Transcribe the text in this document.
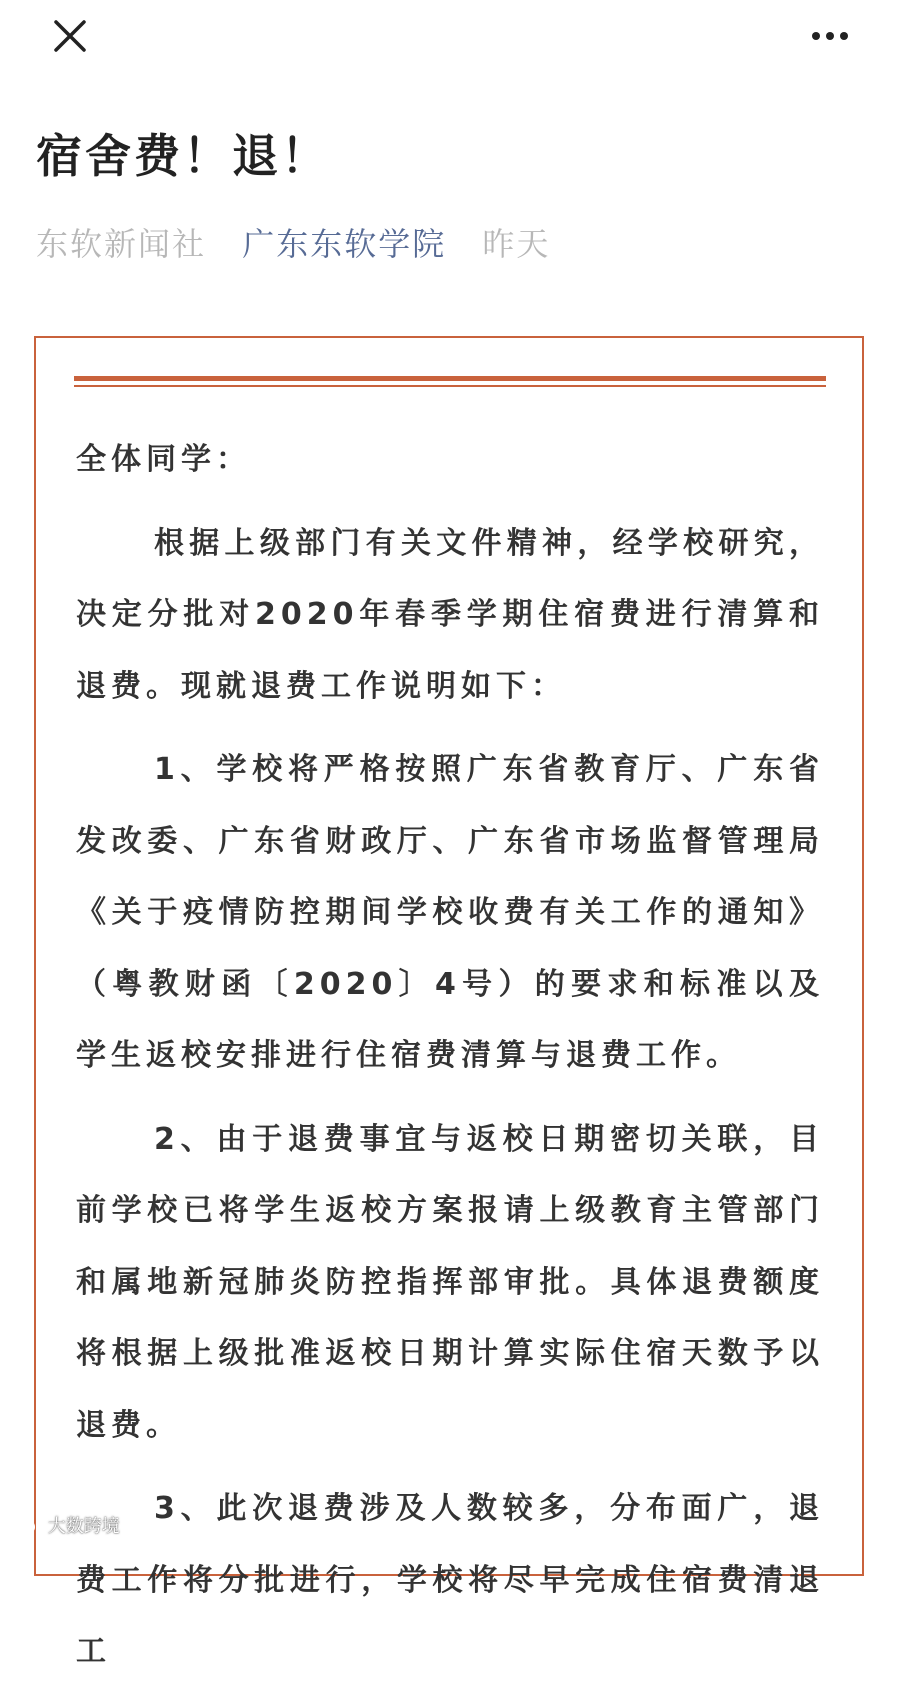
宿舍费！退！
东软新闻社 广东东软学院 昨天

全体同学：

根据上级部门有关文件精神，经学校研究，决定分批对2020年春季学期住宿费进行清算和退费。现就退费工作说明如下：

1、学校将严格按照广东省教育厅、广东省发改委、广东省财政厅、广东省市场监督管理局《关于疫情防控期间学校收费有关工作的通知》（粤教财函〔2020〕4号）的要求和标准以及学生返校安排进行住宿费清算与退费工作。

2、由于退费事宜与返校日期密切关联，目前学校已将学生返校方案报请上级教育主管部门和属地新冠肺炎防控指挥部审批。具体退费额度将根据上级批准返校日期计算实际住宿天数予以退费。

3、此次退费涉及人数较多，分布面广，退费工作将分批进行，学校将尽早完成住宿费清退工

大数跨境
